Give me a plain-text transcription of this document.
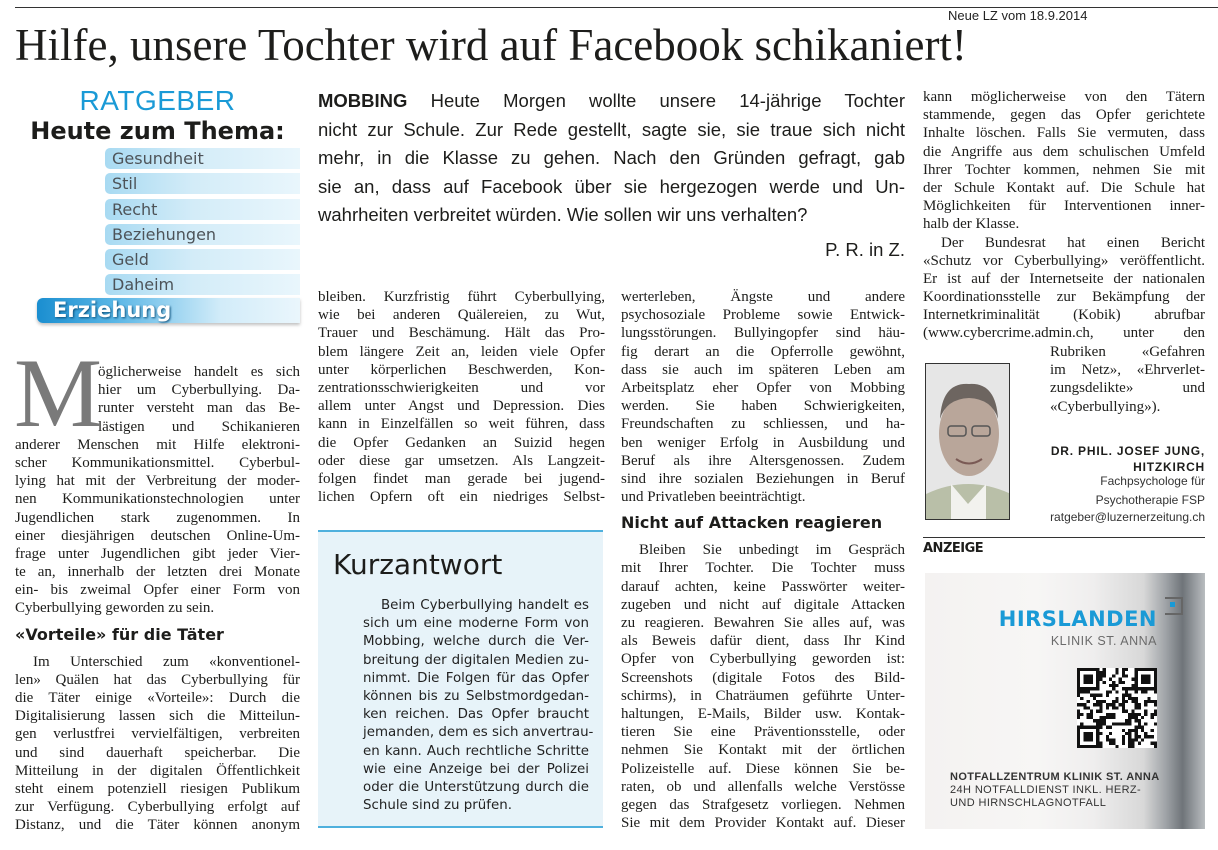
Neue LZ vom 18.9.2014
Hilfe, unsere Tochter wird auf Facebook schikaniert!
RATGEBER
Heute zum Thema:
Gesundheit
Stil
Recht
Beziehungen
Geld
Daheim
Erziehung
MOBBING Heute Morgen wollte unsere 14-jährige Tochter
nicht zur Schule. Zur Rede gestellt, sagte sie, sie traue sich nicht
mehr, in die Klasse zu gehen. Nach den Gründen gefragt, gab
sie an, dass auf Facebook über sie hergezogen werde und Un-
wahrheiten verbreitet würden. Wie sollen wir uns verhalten?
P. R. in Z.
M
öglicherweise handelt es sich
hier um Cyberbullying. Da-
runter versteht man das Be-
lästigen und Schikanieren
anderer Menschen mit Hilfe elektroni-
scher Kommunikationsmittel. Cyberbul-
lying hat mit der Verbreitung der moder-
nen Kommunikationstechnologien unter
Jugendlichen stark zugenommen. In
einer diesjährigen deutschen Online-Um-
frage unter Jugendlichen gibt jeder Vier-
te an, innerhalb der letzten drei Monate
ein- bis zweimal Opfer einer Form von
Cyberbullying geworden zu sein.
«Vorteile» für die Täter
Im Unterschied zum «konventionel-
len» Quälen hat das Cyberbullying für
die Täter einige «Vorteile»: Durch die
Digitalisierung lassen sich die Mitteilun-
gen verlustfrei vervielfältigen, verbreiten
und sind dauerhaft speicherbar. Die
Mitteilung in der digitalen Öffentlichkeit
steht einem potenziell riesigen Publikum
zur Verfügung. Cyberbullying erfolgt auf
Distanz, und die Täter können anonym
bleiben. Kurzfristig führt Cyberbullying,
wie bei anderen Quälereien, zu Wut,
Trauer und Beschämung. Hält das Pro-
blem längere Zeit an, leiden viele Opfer
unter körperlichen Beschwerden, Kon-
zentrationsschwierigkeiten und vor
allem unter Angst und Depression. Dies
kann in Einzelfällen so weit führen, dass
die Opfer Gedanken an Suizid hegen
oder diese gar umsetzen. Als Langzeit-
folgen findet man gerade bei jugend-
lichen Opfern oft ein niedriges Selbst-
Kurzantwort
Beim Cyberbullying handelt es
sich um eine moderne Form von
Mobbing, welche durch die Ver-
breitung der digitalen Medien zu-
nimmt. Die Folgen für das Opfer
können bis zu Selbstmordgedan-
ken reichen. Das Opfer braucht
jemanden, dem es sich anvertrau-
en kann. Auch rechtliche Schritte
wie eine Anzeige bei der Polizei
oder die Unterstützung durch die
Schule sind zu prüfen.
werterleben, Ängste und andere
psychosoziale Probleme sowie Entwick-
lungsstörungen. Bullyingopfer sind häu-
fig derart an die Opferrolle gewöhnt,
dass sie auch im späteren Leben am
Arbeitsplatz eher Opfer von Mobbing
werden. Sie haben Schwierigkeiten,
Freundschaften zu schliessen, und ha-
ben weniger Erfolg in Ausbildung und
Beruf als ihre Altersgenossen. Zudem
sind ihre sozialen Beziehungen in Beruf
und Privatleben beeinträchtigt.
Nicht auf Attacken reagieren
Bleiben Sie unbedingt im Gespräch
mit Ihrer Tochter. Die Tochter muss
darauf achten, keine Passwörter weiter-
zugeben und nicht auf digitale Attacken
zu reagieren. Bewahren Sie alles auf, was
als Beweis dafür dient, dass Ihr Kind
Opfer von Cyberbullying geworden ist:
Screenshots (digitale Fotos des Bild-
schirms), in Chaträumen geführte Unter-
haltungen, E-Mails, Bilder usw. Kontak-
tieren Sie eine Präventionsstelle, oder
nehmen Sie Kontakt mit der örtlichen
Polizeistelle auf. Diese können Sie be-
raten, ob und allenfalls welche Verstösse
gegen das Strafgesetz vorliegen. Nehmen
Sie mit dem Provider Kontakt auf. Dieser
kann möglicherweise von den Tätern
stammende, gegen das Opfer gerichtete
Inhalte löschen. Falls Sie vermuten, dass
die Angriffe aus dem schulischen Umfeld
Ihrer Tochter kommen, nehmen Sie mit
der Schule Kontakt auf. Die Schule hat
Möglichkeiten für Interventionen inner-
halb der Klasse.
Der Bundesrat hat einen Bericht
«Schutz vor Cyberbullying» veröffentlicht.
Er ist auf der Internetseite der nationalen
Koordinationsstelle zur Bekämpfung der
Internetkriminalität (Kobik) abrufbar
(www.cybercrime.admin.ch, unter den
Rubriken «Gefahren
im Netz», «Ehrverlet-
zungsdelikte» und
«Cyberbullying»).
DR. PHIL. JOSEF JUNG,
HITZKIRCH
Fachpsychologe für
Psychotherapie FSP
ratgeber@luzernerzeitung.ch
ANZEIGE
HIRSLANDEN
KLINIK ST. ANNA
NOTFALLZENTRUM KLINIK ST. ANNA
24H NOTFALLDIENST INKL. HERZ-
UND HIRNSCHLAGNOTFALL
